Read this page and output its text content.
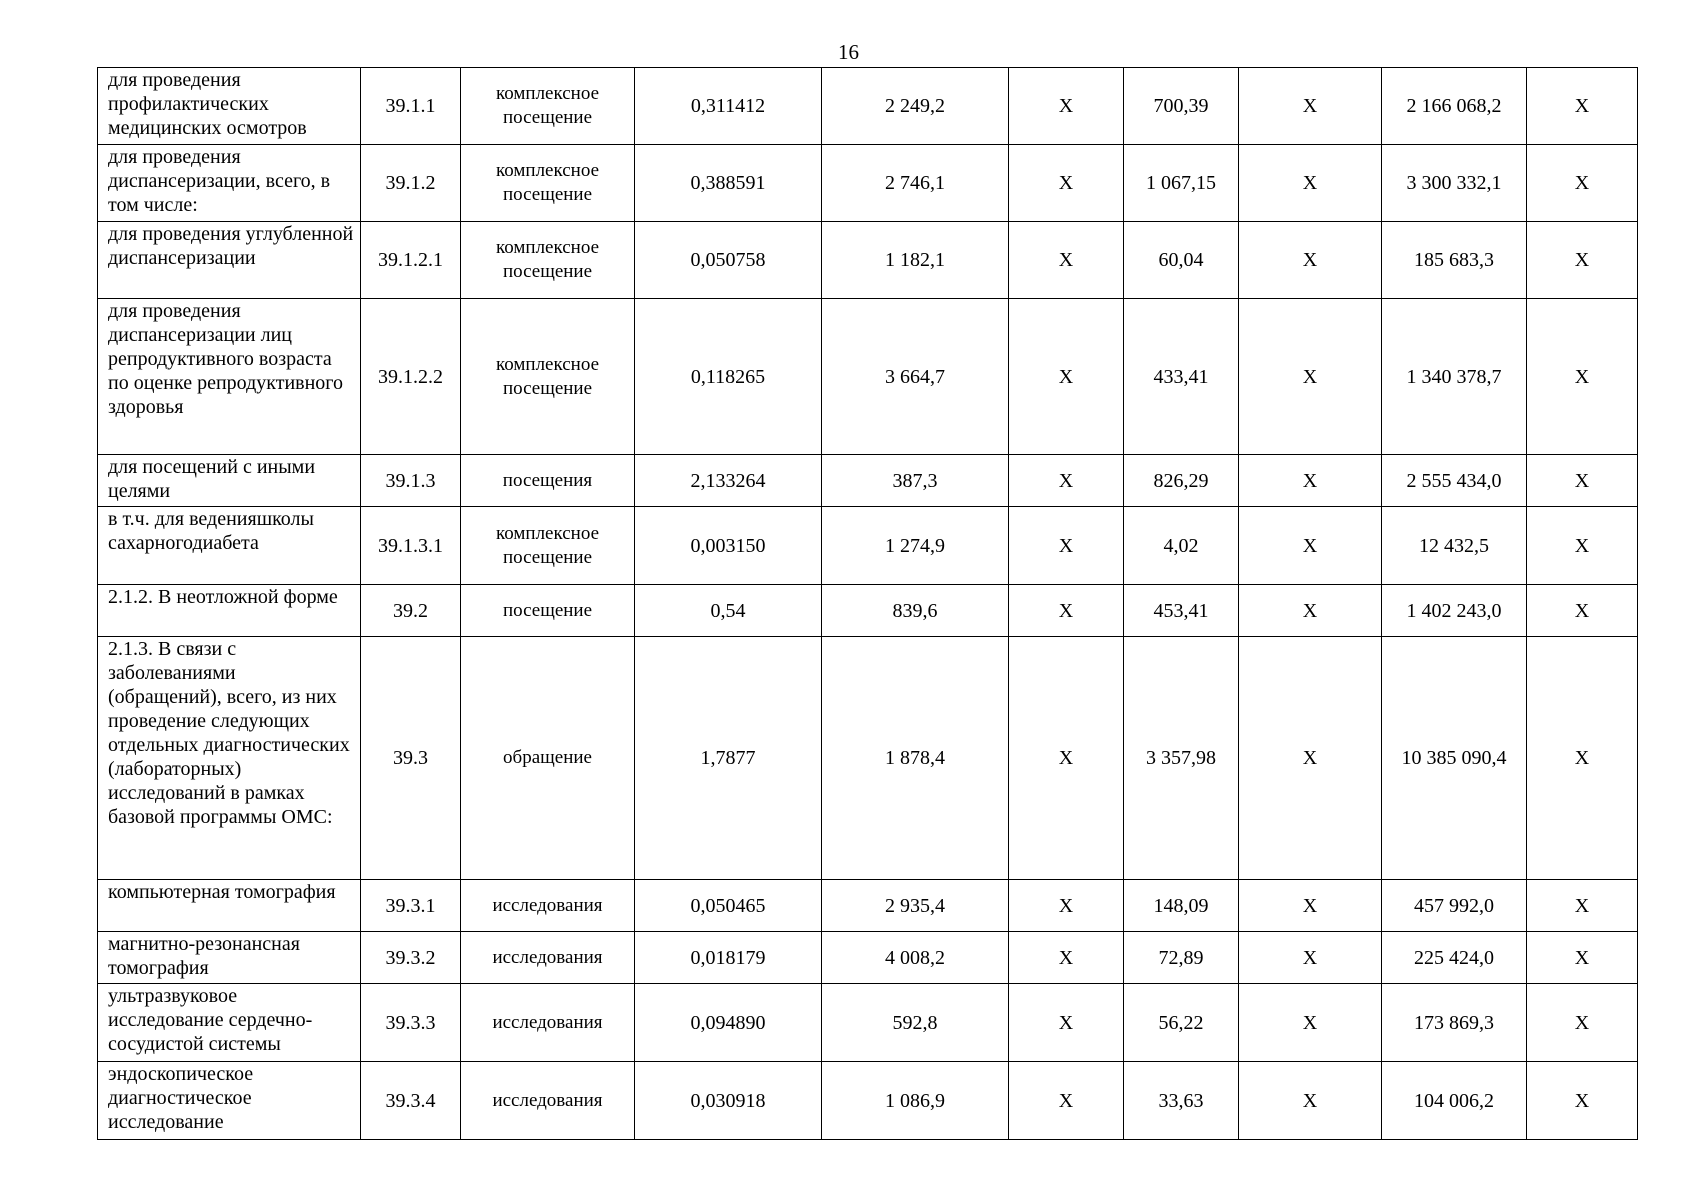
16
для проведения профилактических медицинских осмотров	39.1.1	комплексное посещение	0,311412	2 249,2	Х	700,39	Х	2 166 068,2	Х
для проведения диспансеризации, всего, в том числе:	39.1.2	комплексное посещение	0,388591	2 746,1	Х	1 067,15	Х	3 300 332,1	Х
для проведения углубленной диспансеризации	39.1.2.1	комплексное посещение	0,050758	1 182,1	Х	60,04	Х	185 683,3	Х
для проведения диспансеризации лиц репродуктивного возраста по оценке репродуктивного здоровья	39.1.2.2	комплексное посещение	0,118265	3 664,7	Х	433,41	Х	1 340 378,7	Х
для посещений с иными целями	39.1.3	посещения	2,133264	387,3	Х	826,29	Х	2 555 434,0	Х
в т.ч. для веденияшколы сахарногодиабета	39.1.3.1	комплексное посещение	0,003150	1 274,9	Х	4,02	Х	12 432,5	Х
2.1.2. В неотложной форме	39.2	посещение	0,54	839,6	Х	453,41	Х	1 402 243,0	Х
2.1.3. В связи с заболеваниями (обращений), всего, из них проведение следующих отдельных диагностических (лабораторных) исследований в рамках базовой программы ОМС:	39.3	обращение	1,7877	1 878,4	Х	3 357,98	Х	10 385 090,4	Х
компьютерная томография	39.3.1	исследования	0,050465	2 935,4	Х	148,09	Х	457 992,0	Х
магнитно-резонансная томография	39.3.2	исследования	0,018179	4 008,2	Х	72,89	Х	225 424,0	Х
ультразвуковое исследование сердечно-сосудистой системы	39.3.3	исследования	0,094890	592,8	Х	56,22	Х	173 869,3	Х
эндоскопическое диагностическое исследование	39.3.4	исследования	0,030918	1 086,9	Х	33,63	Х	104 006,2	Х
